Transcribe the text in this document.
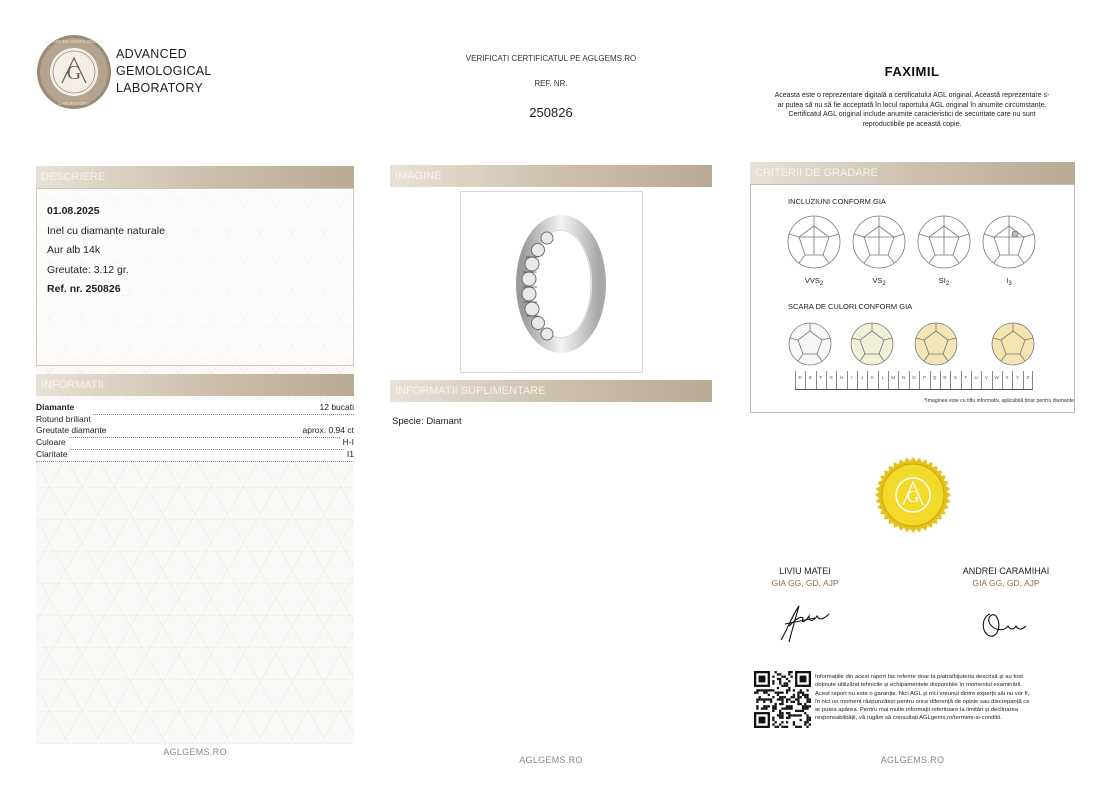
ADVANCED GEMOLOGICAL
LABORATORY
G
ADVANCED
GEMOLOGICAL
LABORATORY
VERIFICATI CERTIFICATUL PE AGLGEMS.RO
REF. NR.
250826
FAXIMIL
Aceasta este o reprezentare digitală a certificatului AGL original. Această reprezentare s-
ar putea să nu să fie acceptată în locul raportului AGL original în anumite circumstanțe.
Certificatul AGL original include anumite caracteristici de securitate care nu sunt
reproductibile pe această copie.
DESCRIERE
01.08.2025
Inel cu diamante naturale
Aur alb 14k
Greutate: 3.12 gr.
Ref. nr. 250826
INFORMATII
Diamante	12 bucati
Rotund briliant
Greutate diamante	aprox. 0.94 ct
Culoare	H-I
Claritate	I1
AGLGEMS.RO
IMAGINE
INFORMATII SUPLIMENTARE
Specie: Diamant
AGLGEMS.RO
CRITERII DE GRADARE
INCLUZIUNI CONFORM GIA
$VVS_2$	$VS_2$	$SI_2$	$I_3$
SCARA DE CULORI CONFORM GIA
D	E	F	G	H	I	J	K	L	M	N	O	P	Q	R	S	T	U	V	W	X	Y	Z
*Imaginea este cu titlu informativ, aplicabilă doar pentru diamante
G
LIVIU MATEI
GIA GG, GD, AJP
ANDREI CARAMIHAI
GIA GG, GD, AJP
Informațiile din acest raport fac referire doar la piatra/bijuteria descrisă și au fost
obținute utilizând tehnicile și echipamentele disponibile în momentul examinării.
Acest raport nu este o garanție. Nici AGL și nici vreunul dintre experții săi nu vor fi,
în nici un moment răspunzători pentru orice diferență de opinie sau discrepanță ce
ar putea apărea. Pentru mai multe informații referitoare la limitări și declinarea
responsabilității, vă rugăm să consultați AGLgems.ro/termeni-si-conditii.
AGLGEMS.RO
